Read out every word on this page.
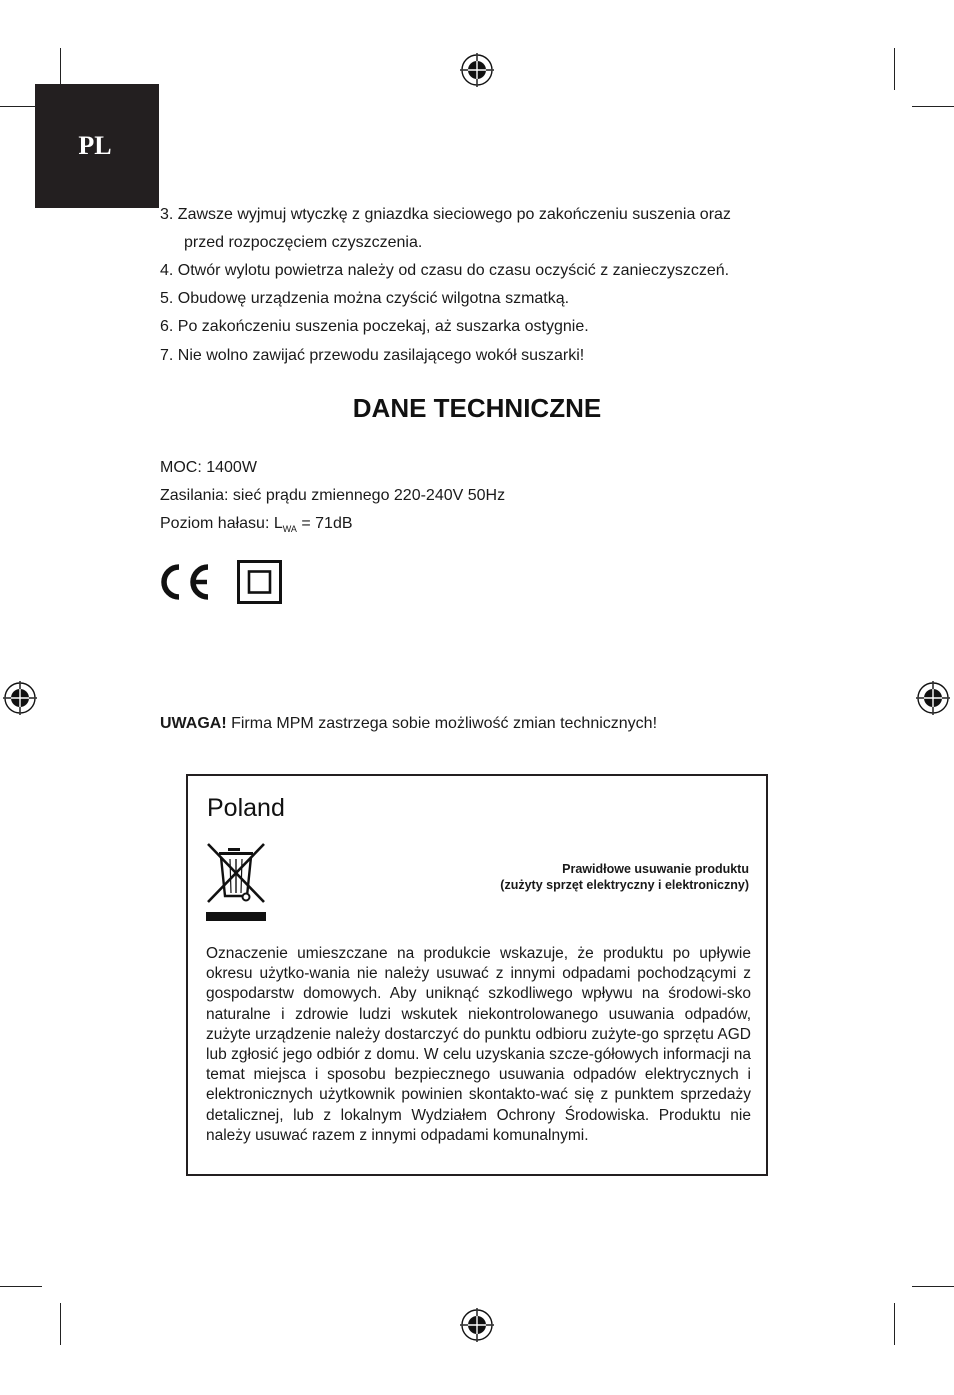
PL
3. Zawsze wyjmuj wtyczkę z gniazdka sieciowego po zakończeniu suszenia oraz
przed rozpoczęciem czyszczenia.
4. Otwór wylotu powietrza należy od czasu do czasu oczyścić z zanieczyszczeń.
5. Obudowę urządzenia można czyścić wilgotna szmatką.
6. Po zakończeniu suszenia poczekaj, aż suszarka ostygnie.
7. Nie wolno zawijać przewodu zasilającego wokół suszarki!
DANE TECHNICZNE
MOC: 1400W
Zasilania: sieć prądu zmiennego 220-240V 50Hz
Poziom hałasu: $L_{WA} = 71dB$
UWAGA! Firma MPM zastrzega sobie możliwość zmian technicznych!
Poland
Prawidłowe usuwanie produktu
(zużyty sprzęt elektryczny i elektroniczny)
Oznaczenie umieszczane na produkcie wskazuje, że produktu po upływie okresu użytko-wania nie należy usuwać z innymi odpadami pochodzącymi z gospodarstw domowych. Aby uniknąć szkodliwego wpływu na środowi-sko naturalne i zdrowie ludzi wskutek niekontrolowanego usuwania odpadów, zużyte urządzenie należy dostarczyć do punktu odbioru zużyte-go sprzętu AGD lub zgłosić jego odbiór z domu. W celu uzyskania szcze-gółowych informacji na temat miejsca i sposobu bezpiecznego usuwania odpadów elektrycznych i elektronicznych użytkownik powinien skontakto-wać się z punktem sprzedaży detalicznej, lub z lokalnym Wydziałem Ochrony Środowiska. Produktu nie należy usuwać razem z innymi odpadami komunalnymi.
